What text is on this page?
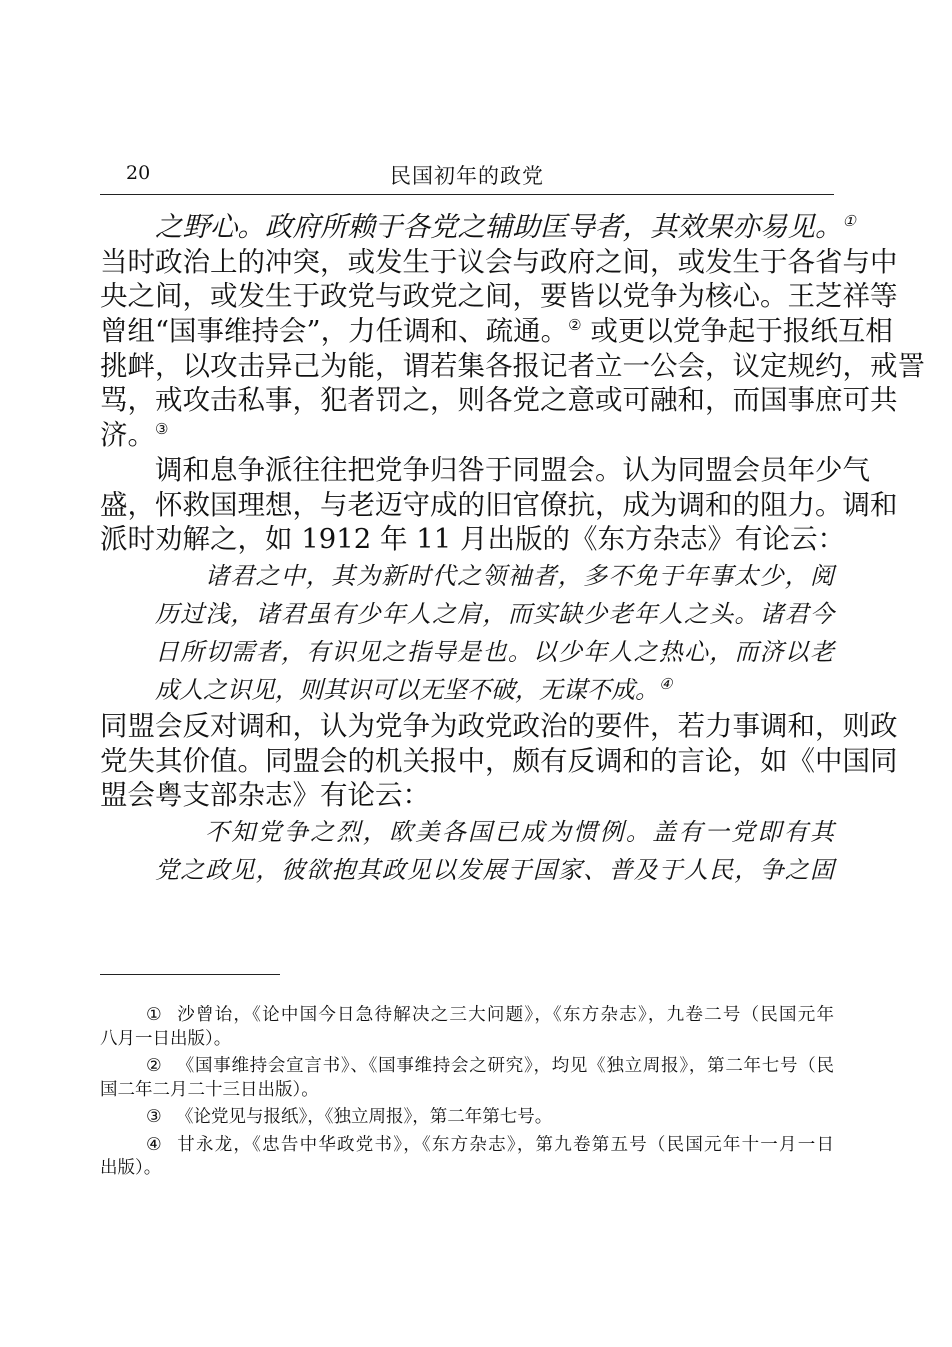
20	民国初年的政党
之野心。政府所赖于各党之辅助匡导者，其效果亦易见。①
当时政治上的冲突，或发生于议会与政府之间，或发生于各省与中
央之间，或发生于政党与政党之间，要皆以党争为核心。王芝祥等
曾组“国事维持会”，力任调和、疏通。② 或更以党争起于报纸互相
挑衅，以攻击异己为能，谓若集各报记者立一公会，议定规约，戒詈
骂，戒攻击私事，犯者罚之，则各党之意或可融和，而国事庶可共
济。③
调和息争派往往把党争归咎于同盟会。认为同盟会员年少气
盛，怀救国理想，与老迈守成的旧官僚抗，成为调和的阻力。调和
派时劝解之，如 1912 年 11 月出版的《东方杂志》有论云：
诸君之中，其为新时代之领袖者，多不免于年事太少，阅
历过浅，诸君虽有少年人之肩，而实缺少老年人之头。诸君今
日所切需者，有识见之指导是也。以少年人之热心，而济以老
成人之识见，则其识可以无坚不破，无谋不成。④
同盟会反对调和，认为党争为政党政治的要件，若力事调和，则政
党失其价值。同盟会的机关报中，颇有反调和的言论，如《中国同
盟会粤支部杂志》有论云：
不知党争之烈，欧美各国已成为惯例。盖有一党即有其
党之政见，彼欲抱其政见以发展于国家、普及于人民，争之固
① 沙曾诒，《论中国今日急待解决之三大问题》，《东方杂志》，九卷二号（民国元年
八月一日出版）。
② 《国事维持会宣言书》、《国事维持会之研究》，均见《独立周报》，第二年七号（民
国二年二月二十三日出版）。
③ 《论党见与报纸》，《独立周报》，第二年第七号。
④ 甘永龙，《忠告中华政党书》，《东方杂志》，第九卷第五号（民国元年十一月一日
出版）。
